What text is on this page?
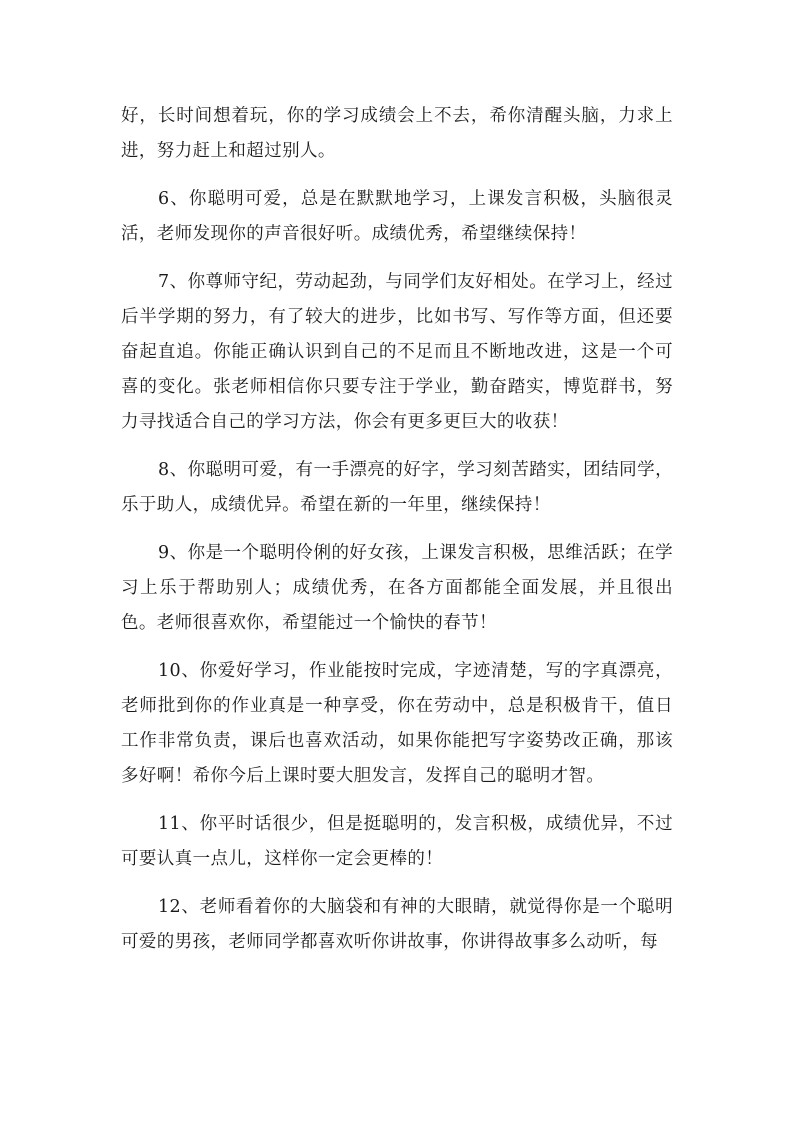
好，长时间想着玩，你的学习成绩会上不去，希你清醒头脑，力求上进，努力赶上和超过别人。

6、你聪明可爱，总是在默默地学习，上课发言积极，头脑很灵活，老师发现你的声音很好听。成绩优秀，希望继续保持！

7、你尊师守纪，劳动起劲，与同学们友好相处。在学习上，经过后半学期的努力，有了较大的进步，比如书写、写作等方面，但还要奋起直追。你能正确认识到自己的不足而且不断地改进，这是一个可喜的变化。张老师相信你只要专注于学业，勤奋踏实，博览群书，努力寻找适合自己的学习方法，你会有更多更巨大的收获！

8、你聪明可爱，有一手漂亮的好字，学习刻苦踏实，团结同学，乐于助人，成绩优异。希望在新的一年里，继续保持！

9、你是一个聪明伶俐的好女孩，上课发言积极，思维活跃；在学习上乐于帮助别人；成绩优秀，在各方面都能全面发展，并且很出色。老师很喜欢你，希望能过一个愉快的春节！

10、你爱好学习，作业能按时完成，字迹清楚，写的字真漂亮，老师批到你的作业真是一种享受，你在劳动中，总是积极肯干，值日工作非常负责，课后也喜欢活动，如果你能把写字姿势改正确，那该多好啊！希你今后上课时要大胆发言，发挥自己的聪明才智。

11、你平时话很少，但是挺聪明的，发言积极，成绩优异，不过可要认真一点儿，这样你一定会更棒的！

12、老师看着你的大脑袋和有神的大眼睛，就觉得你是一个聪明可爱的男孩，老师同学都喜欢听你讲故事，你讲得故事多么动听，每
